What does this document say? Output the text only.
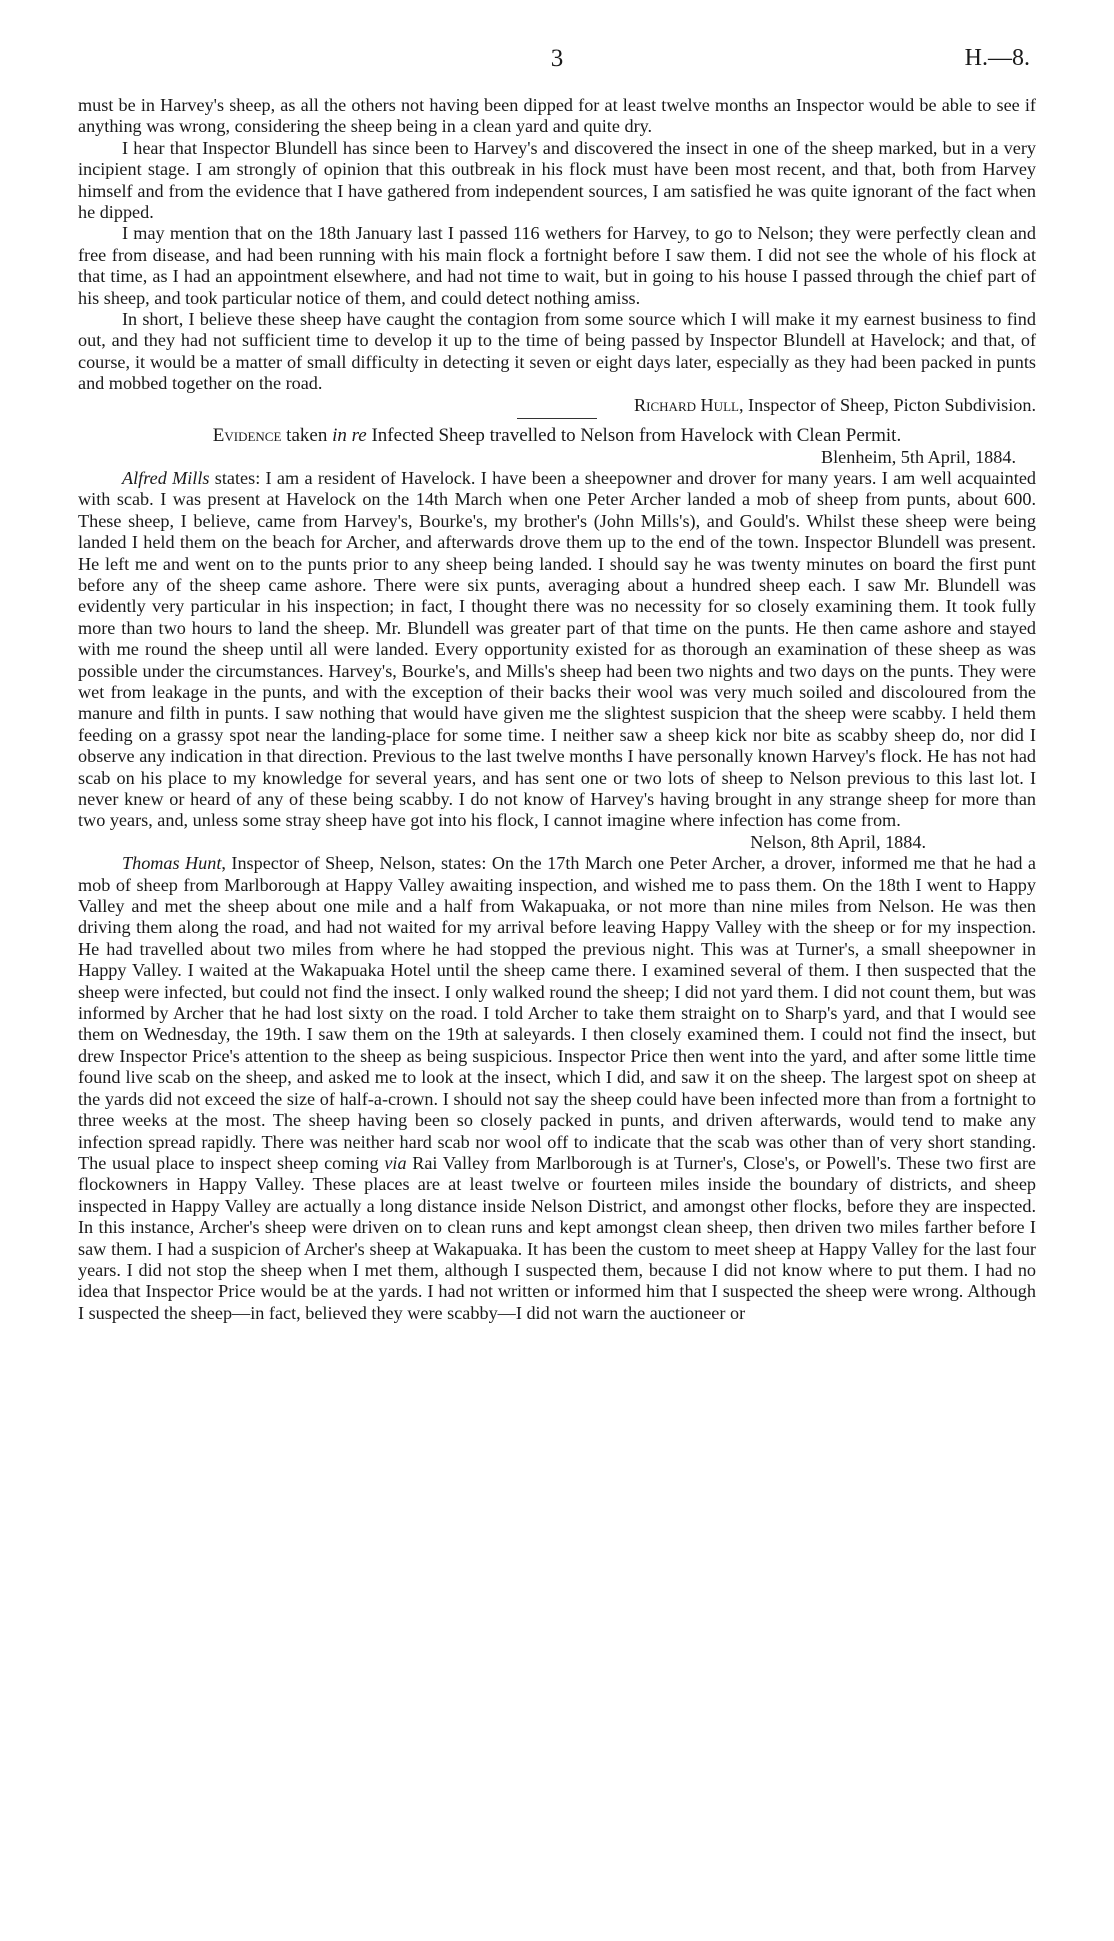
3	H.—8.

must be in Harvey's sheep, as all the others not having been dipped for at least twelve months an Inspector would be able to see if anything was wrong, considering the sheep being in a clean yard and quite dry.

I hear that Inspector Blundell has since been to Harvey's and discovered the insect in one of the sheep marked, but in a very incipient stage. I am strongly of opinion that this outbreak in his flock must have been most recent, and that, both from Harvey himself and from the evidence that I have gathered from independent sources, I am satisfied he was quite ignorant of the fact when he dipped.

I may mention that on the 18th January last I passed 116 wethers for Harvey, to go to Nelson; they were perfectly clean and free from disease, and had been running with his main flock a fortnight before I saw them. I did not see the whole of his flock at that time, as I had an appointment elsewhere, and had not time to wait, but in going to his house I passed through the chief part of his sheep, and took particular notice of them, and could detect nothing amiss.

In short, I believe these sheep have caught the contagion from some source which I will make it my earnest business to find out, and they had not sufficient time to develop it up to the time of being passed by Inspector Blundell at Havelock; and that, of course, it would be a matter of small difficulty in detecting it seven or eight days later, especially as they had been packed in punts and mobbed together on the road.

Richard Hull, Inspector of Sheep, Picton Subdivision.

Evidence taken in re Infected Sheep travelled to Nelson from Havelock with Clean Permit.

Blenheim, 5th April, 1884.

Alfred Mills states: I am a resident of Havelock. I have been a sheepowner and drover for many years. I am well acquainted with scab. I was present at Havelock on the 14th March when one Peter Archer landed a mob of sheep from punts, about 600. These sheep, I believe, came from Harvey's, Bourke's, my brother's (John Mills's), and Gould's. Whilst these sheep were being landed I held them on the beach for Archer, and afterwards drove them up to the end of the town. Inspector Blundell was present. He left me and went on to the punts prior to any sheep being landed. I should say he was twenty minutes on board the first punt before any of the sheep came ashore. There were six punts, averaging about a hundred sheep each. I saw Mr. Blundell was evidently very particular in his inspection; in fact, I thought there was no necessity for so closely examining them. It took fully more than two hours to land the sheep. Mr. Blundell was greater part of that time on the punts. He then came ashore and stayed with me round the sheep until all were landed. Every opportunity existed for as thorough an examination of these sheep as was possible under the circumstances. Harvey's, Bourke's, and Mills's sheep had been two nights and two days on the punts. They were wet from leakage in the punts, and with the exception of their backs their wool was very much soiled and discoloured from the manure and filth in punts. I saw nothing that would have given me the slightest suspicion that the sheep were scabby. I held them feeding on a grassy spot near the landing-place for some time. I neither saw a sheep kick nor bite as scabby sheep do, nor did I observe any indication in that direction. Previous to the last twelve months I have personally known Harvey's flock. He has not had scab on his place to my knowledge for several years, and has sent one or two lots of sheep to Nelson previous to this last lot. I never knew or heard of any of these being scabby. I do not know of Harvey's having brought in any strange sheep for more than two years, and, unless some stray sheep have got into his flock, I cannot imagine where infection has come from.

Nelson, 8th April, 1884.

Thomas Hunt, Inspector of Sheep, Nelson, states: On the 17th March one Peter Archer, a drover, informed me that he had a mob of sheep from Marlborough at Happy Valley awaiting inspection, and wished me to pass them. On the 18th I went to Happy Valley and met the sheep about one mile and a half from Wakapuaka, or not more than nine miles from Nelson. He was then driving them along the road, and had not waited for my arrival before leaving Happy Valley with the sheep or for my inspection. He had travelled about two miles from where he had stopped the previous night. This was at Turner's, a small sheepowner in Happy Valley. I waited at the Wakapuaka Hotel until the sheep came there. I examined several of them. I then suspected that the sheep were infected, but could not find the insect. I only walked round the sheep; I did not yard them. I did not count them, but was informed by Archer that he had lost sixty on the road. I told Archer to take them straight on to Sharp's yard, and that I would see them on Wednesday, the 19th. I saw them on the 19th at saleyards. I then closely examined them. I could not find the insect, but drew Inspector Price's attention to the sheep as being suspicious. Inspector Price then went into the yard, and after some little time found live scab on the sheep, and asked me to look at the insect, which I did, and saw it on the sheep. The largest spot on sheep at the yards did not exceed the size of half-a-crown. I should not say the sheep could have been infected more than from a fortnight to three weeks at the most. The sheep having been so closely packed in punts, and driven afterwards, would tend to make any infection spread rapidly. There was neither hard scab nor wool off to indicate that the scab was other than of very short standing. The usual place to inspect sheep coming via Rai Valley from Marlborough is at Turner's, Close's, or Powell's. These two first are flockowners in Happy Valley. These places are at least twelve or fourteen miles inside the boundary of districts, and sheep inspected in Happy Valley are actually a long distance inside Nelson District, and amongst other flocks, before they are inspected. In this instance, Archer's sheep were driven on to clean runs and kept amongst clean sheep, then driven two miles farther before I saw them. I had a suspicion of Archer's sheep at Wakapuaka. It has been the custom to meet sheep at Happy Valley for the last four years. I did not stop the sheep when I met them, although I suspected them, because I did not know where to put them. I had no idea that Inspector Price would be at the yards. I had not written or informed him that I suspected the sheep were wrong. Although I suspected the sheep—in fact, believed they were scabby—I did not warn the auctioneer or
